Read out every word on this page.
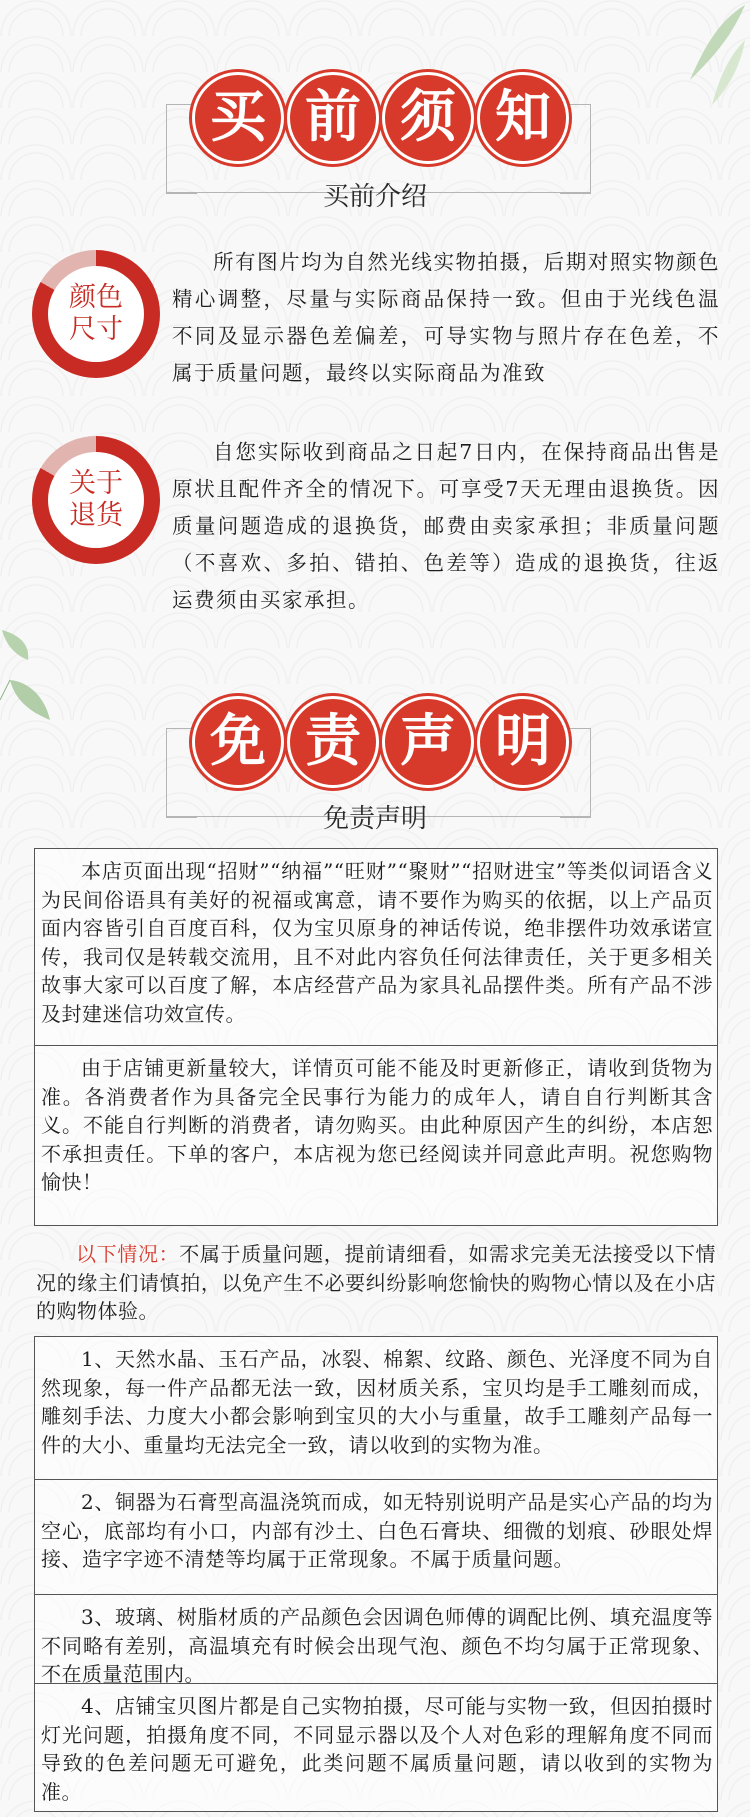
买 前 须 知
买前介绍
颜色
尺寸

所有图片均为自然光线实物拍摄，后期对照实物颜色精心调整，尽量与实际商品保持一致。但由于光线色温不同及显示器色差偏差，可导实物与照片存在色差，不属于质量问题，最终以实际商品为准致

关于
退货

自您实际收到商品之日起7日内，在保持商品出售是原状且配件齐全的情况下。可享受7天无理由退换货。因质量问题造成的退换货，邮费由卖家承担；非质量问题（不喜欢、多拍、错拍、色差等）造成的退换货，往返运费须由买家承担。

免 责 声 明
免责声明

本店页面出现“招财”“纳福”“旺财”“聚财”“招财进宝”等类似词语含义为民间俗语具有美好的祝福或寓意，请不要作为购买的依据，以上产品页面内容皆引自百度百科，仅为宝贝原身的神话传说，绝非摆件功效承诺宣传，我司仅是转载交流用，且不对此内容负任何法律责任，关于更多相关故事大家可以百度了解，本店经营产品为家具礼品摆件类。所有产品不涉及封建迷信功效宣传。

由于店铺更新量较大，详情页可能不能及时更新修正，请收到货物为准。各消费者作为具备完全民事行为能力的成年人，请自自行判断其含义。不能自行判断的消费者，请勿购买。由此种原因产生的纠纷，本店恕不承担责任。下单的客户，本店视为您已经阅读并同意此声明。祝您购物愉快！

以下情况：不属于质量问题，提前请细看，如需求完美无法接受以下情况的缘主们请慎拍，以免产生不必要纠纷影响您愉快的购物心情以及在小店的购物体验。

1、天然水晶、玉石产品，冰裂、棉絮、纹路、颜色、光泽度不同为自然现象，每一件产品都无法一致，因材质关系，宝贝均是手工雕刻而成，雕刻手法、力度大小都会影响到宝贝的大小与重量，故手工雕刻产品每一件的大小、重量均无法完全一致，请以收到的实物为准。

2、铜器为石膏型高温浇筑而成，如无特别说明产品是实心产品的均为空心，底部均有小口，内部有沙土、白色石膏块、细微的划痕、砂眼处焊接、造字字迹不清楚等均属于正常现象。不属于质量问题。

3、玻璃、树脂材质的产品颜色会因调色师傅的调配比例、填充温度等不同略有差别，高温填充有时候会出现气泡、颜色不均匀属于正常现象、不在质量范围内。

4、店铺宝贝图片都是自己实物拍摄，尽可能与实物一致，但因拍摄时灯光问题，拍摄角度不同，不同显示器以及个人对色彩的理解角度不同而导致的色差问题无可避免，此类问题不属质量问题，请以收到的实物为准。
